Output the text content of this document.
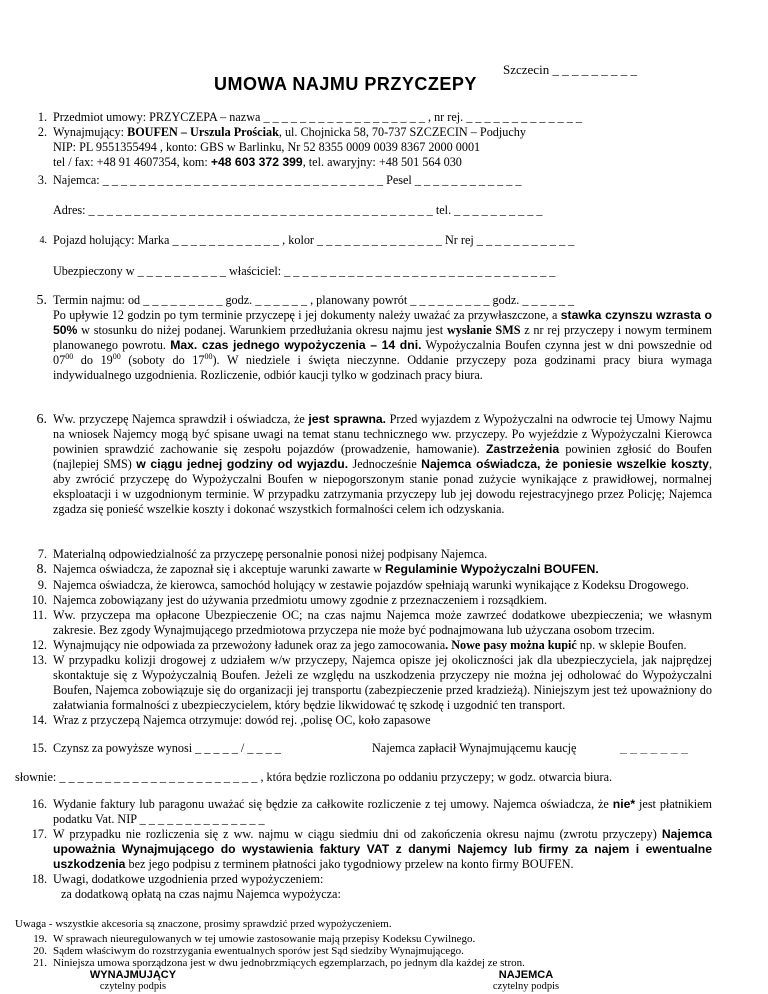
Szczecin _ _ _ _ _ _ _ _ _
UMOWA NAJMU PRZYCZEPY
1. Przedmiot umowy: PRZYCZEPA – nazwa _ _ _ _ _ _ _ _ _ _ _ _ _ _ _ _ _ _ , nr rej. _ _ _ _ _ _ _ _ _ _ _ _ _
2. Wynajmujący: BOUFEN – Urszula Prościak, ul. Chojnicka 58, 70-737 SZCZECIN – Podjuchy
NIP: PL 9551355494 , konto: GBS w Barlinku, Nr 52 8355 0009 0039 8367 2000 0001
tel / fax: +48 91 4607354, kom: +48 603 372 399, tel. awaryjny: +48 501 564 030
3. Najemca: _ _ _ _ _ _ _ _ _ _ _ _ _ _ _ _ _ _ _ _ _ _ _ _ _ _ _ _ _ _ _ Pesel _ _ _ _ _ _ _ _ _ _ _ _
Adres: _ _ _ _ _ _ _ _ _ _ _ _ _ _ _ _ _ _ _ _ _ _ _ _ _ _ _ _ _ _ _ _ _ _ _ _ _ _ tel. _ _ _ _ _ _ _ _ _ _
4. Pojazd holujący: Marka _ _ _ _ _ _ _ _ _ _ _ _ , kolor _ _ _ _ _ _ _ _ _ _ _ _ _ _ Nr rej _ _ _ _ _ _ _ _ _ _ _
Ubezpieczony w _ _ _ _ _ _ _ _ _ _ właściciel: _ _ _ _ _ _ _ _ _ _ _ _ _ _ _ _ _ _ _ _ _ _ _ _ _ _ _ _ _ _
5. Termin najmu: od _ _ _ _ _ _ _ _ _ godz. _ _ _ _ _ _ , planowany powrót _ _ _ _ _ _ _ _ _ godz. _ _ _ _ _ _

Po upływie 12 godzin po tym terminie przyczepę i jej dokumenty należy uważać za przywłaszczone, a stawka czynszu wzrasta o 50% w stosunku do niżej podanej. Warunkiem przedłużania okresu najmu jest wysłanie SMS z nr rej przyczepy i nowym terminem planowanego powrotu. Max. czas jednego wypożyczenia – 14 dni. Wypożyczalnia Boufen czynna jest w dni powszednie od $07^{00}$ do $19^{00}$ (soboty do $17^{00}$). W niedziele i święta nieczynne. Oddanie przyczepy poza godzinami pracy biura wymaga indywidualnego uzgodnienia. Rozliczenie, odbiór kaucji tylko w godzinach pracy biura.

6. Ww. przyczepę Najemca sprawdził i oświadcza, że jest sprawna. Przed wyjazdem z Wypożyczalni na odwrocie tej Umowy Najmu na wniosek Najemcy mogą być spisane uwagi na temat stanu technicznego ww. przyczepy. Po wyjeździe z Wypożyczalni Kierowca powinien sprawdzić zachowanie się zespołu pojazdów (prowadzenie, hamowanie). Zastrzeżenia powinien zgłosić do Boufen (najlepiej SMS) w ciągu jednej godziny od wyjazdu. Jednocześnie Najemca oświadcza, że poniesie wszelkie koszty, aby zwrócić przyczepę do Wypożyczalni Boufen w niepogorszonym stanie ponad zużycie wynikające z prawidłowej, normalnej eksploatacji i w uzgodnionym terminie. W przypadku zatrzymania przyczepy lub jej dowodu rejestracyjnego przez Policję; Najemca zgadza się ponieść wszelkie koszty i dokonać wszystkich formalności celem ich odzyskania.

7. Materialną odpowiedzialność za przyczepę personalnie ponosi niżej podpisany Najemca.
8. Najemca oświadcza, że zapoznał się i akceptuje warunki zawarte w Regulaminie Wypożyczalni BOUFEN.
9. Najemca oświadcza, że kierowca, samochód holujący w zestawie pojazdów spełniają warunki wynikające z Kodeksu Drogowego.
10. Najemca zobowiązany jest do używania przedmiotu umowy zgodnie z przeznaczeniem i rozsądkiem.
11. Ww. przyczepa ma opłacone Ubezpieczenie OC; na czas najmu Najemca może zawrzeć dodatkowe ubezpieczenia; we własnym zakresie. Bez zgody Wynajmującego przedmiotowa przyczepa nie może być podnajmowana lub użyczana osobom trzecim.

12. Wynajmujący nie odpowiada za przewożony ładunek oraz za jego zamocowania. Nowe pasy można kupić np. w sklepie Boufen.
13. W przypadku kolizji drogowej z udziałem w/w przyczepy, Najemca opisze jej okoliczności jak dla ubezpieczyciela, jak najprędzej skontaktuje się z Wypożyczalnią Boufen. Jeżeli ze względu na uszkodzenia przyczepy nie można jej odholować do Wypożyczalni Boufen, Najemca zobowiązuje się do organizacji jej transportu (zabezpieczenie przed kradzieżą). Niniejszym jest też upoważniony do załatwiania formalności z ubezpieczycielem, który będzie likwidować tę szkodę i uzgodnić ten transport.

14. Wraz z przyczepą Najemca otrzymuje: dowód rej. ,polisę OC, koło zapasowe
15. Czynsz za powyższe wynosi _ _ _ _ _ / _ _ _ _	Najemca zapłacił Wynajmującemu kaucję	_ _ _ _ _ _ _
słownie: _ _ _ _ _ _ _ _ _ _ _ _ _ _ _ _ _ _ _ _ _ _ , która będzie rozliczona po oddaniu przyczepy; w godz. otwarcia biura.
16. Wydanie faktury lub paragonu uważać się będzie za całkowite rozliczenie z tej umowy. Najemca oświadcza, że nie* jest płatnikiem podatku Vat. NIP _ _ _ _ _ _ _ _ _ _ _ _ _ _

17. W przypadku nie rozliczenia się z ww. najmu w ciągu siedmiu dni od zakończenia okresu najmu (zwrotu przyczepy) Najemca upoważnia Wynajmującego do wystawienia faktury VAT z danymi Najemcy lub firmy za najem i ewentualne uszkodzenia bez jego podpisu z terminem płatności jako tygodniowy przelew na konto firmy BOUFEN.

18. Uwagi, dodatkowe uzgodnienia przed wypożyczeniem:
za dodatkową opłatą na czas najmu Najemca wypożycza:
Uwaga - wszystkie akcesoria są znaczone, prosimy sprawdzić przed wypożyczeniem.
19. W sprawach nieuregulowanych w tej umowie zastosowanie mają przepisy Kodeksu Cywilnego.
20. Sądem właściwym do rozstrzygania ewentualnych sporów jest Sąd siedziby Wynajmującego.
21. Niniejsza umowa sporządzona jest w dwu jednobrzmiących egzemplarzach, po jednym dla każdej ze stron.
WYNAJMUJĄCY
czytelny podpis
NAJEMCA
czytelny podpis
